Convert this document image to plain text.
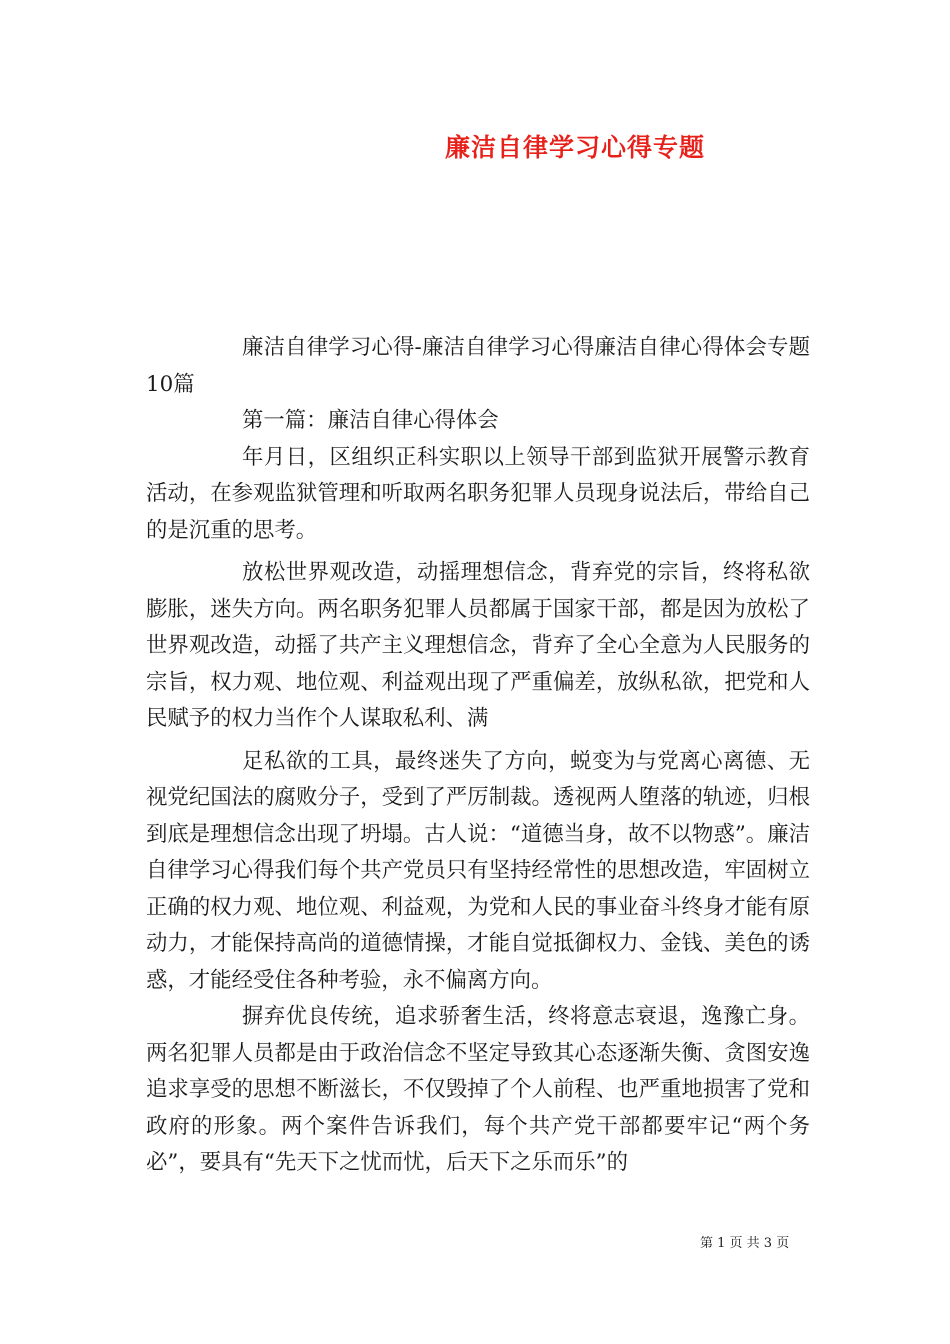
廉洁自律学习心得专题

廉洁自律学习心得-廉洁自律学习心得廉洁自律心得体会专题10篇

第一篇：廉洁自律心得体会

年月日，区组织正科实职以上领导干部到监狱开展警示教育活动，在参观监狱管理和听取两名职务犯罪人员现身说法后，带给自己的是沉重的思考。

放松世界观改造，动摇理想信念，背弃党的宗旨，终将私欲膨胀，迷失方向。两名职务犯罪人员都属于国家干部，都是因为放松了世界观改造，动摇了共产主义理想信念，背弃了全心全意为人民服务的宗旨，权力观、地位观、利益观出现了严重偏差，放纵私欲，把党和人民赋予的权力当作个人谋取私利、满

足私欲的工具，最终迷失了方向，蜕变为与党离心离德、无视党纪国法的腐败分子，受到了严厉制裁。透视两人堕落的轨迹，归根到底是理想信念出现了坍塌。古人说：“道德当身，故不以物惑”。廉洁自律学习心得我们每个共产党员只有坚持经常性的思想改造，牢固树立正确的权力观、地位观、利益观，为党和人民的事业奋斗终身才能有原动力，才能保持高尚的道德情操，才能自觉抵御权力、金钱、美色的诱惑，才能经受住各种考验，永不偏离方向。

摒弃优良传统，追求骄奢生活，终将意志衰退，逸豫亡身。两名犯罪人员都是由于政治信念不坚定导致其心态逐渐失衡、贪图安逸追求享受的思想不断滋长，不仅毁掉了个人前程、也严重地损害了党和政府的形象。两个案件告诉我们，每个共产党干部都要牢记“两个务必”，要具有“先天下之忧而忧，后天下之乐而乐”的

第 1 页 共 3 页
